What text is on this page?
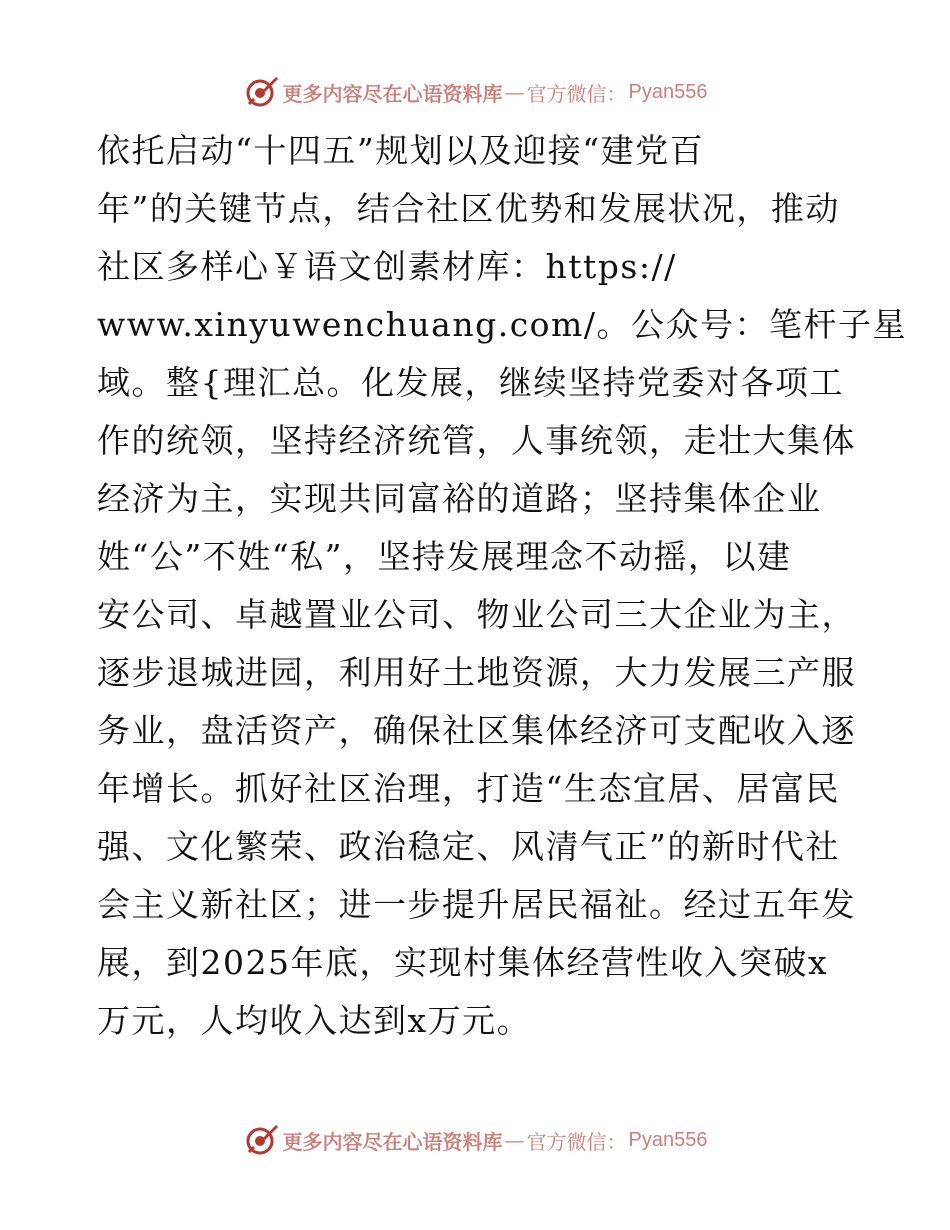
更多内容尽在心语资料库 — 官方微信： Pyan556
依托启动“十四五”规划以及迎接“建党百
年”的关键节点，结合社区优势和发展状况，推动
社区多样心￥语文创素材库：https://
www.xinyuwenchuang.com/。公众号：笔杆子星
域。整{理汇总。化发展，继续坚持党委对各项工
作的统领，坚持经济统管，人事统领，走壮大集体
经济为主，实现共同富裕的道路；坚持集体企业
姓“公”不姓“私”，坚持发展理念不动摇，以建
安公司、卓越置业公司、物业公司三大企业为主，
逐步退城进园，利用好土地资源，大力发展三产服
务业，盘活资产，确保社区集体经济可支配收入逐
年增长。抓好社区治理，打造“生态宜居、居富民
强、文化繁荣、政治稳定、风清气正”的新时代社
会主义新社区；进一步提升居民福祉。经过五年发
展，到2025年底，实现村集体经营性收入突破x
万元，人均收入达到x万元。
更多内容尽在心语资料库 — 官方微信： Pyan556
